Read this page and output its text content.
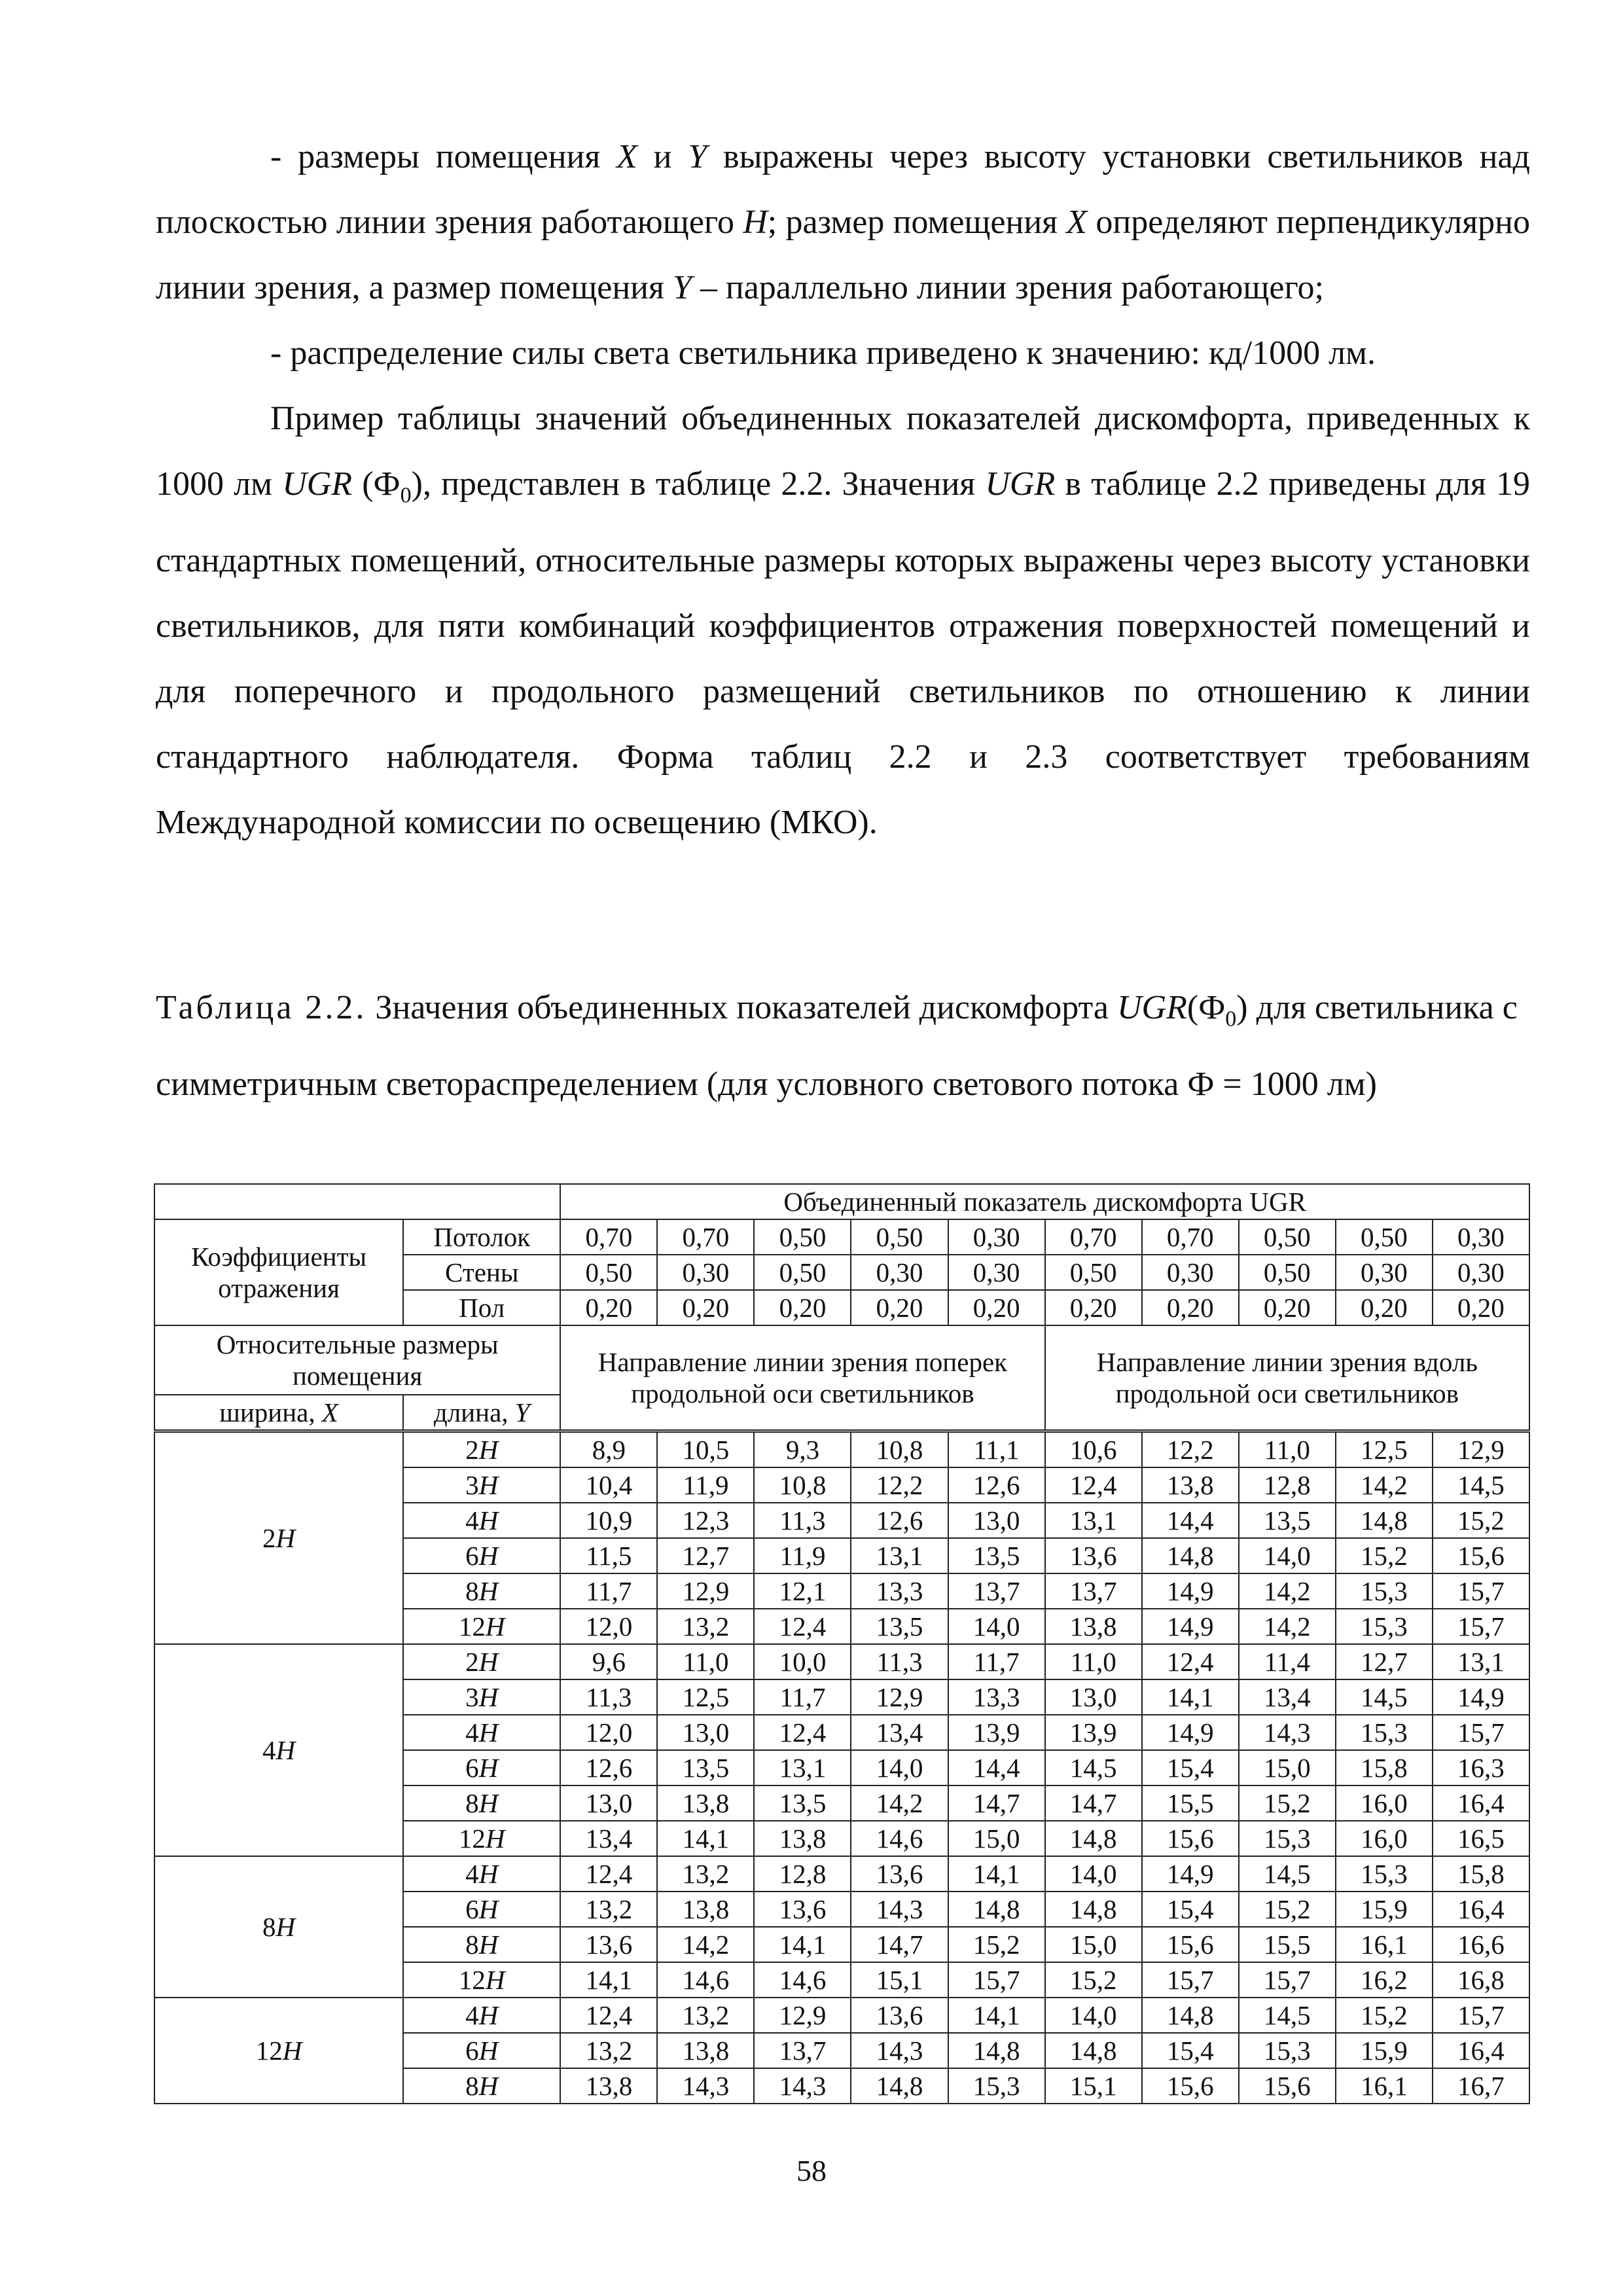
- размеры помещения X и Y выражены через высоту установки светильников над плоскостью линии зрения работающего H; размер помещения X определяют перпендикулярно линии зрения, а размер помещения Y – параллельно линии зрения работающего;

- распределение силы света светильника приведено к значению: кд/1000 лм.

Пример таблицы значений объединенных показателей дискомфорта, приведенных к 1000 лм UGR $(Ф_0)$, представлен в таблице 2.2. Значения UGR в таблице 2.2 приведены для 19 стандартных помещений, относительные размеры которых выражены через высоту установки светильников, для пяти комбинаций коэффициентов отражения поверхностей помещений и для поперечного и продольного размещений светильников по отношению к линии стандартного наблюдателя. Форма таблиц 2.2 и 2.3 соответствует требованиям Международной комиссии по освещению (МКО).

Таблица 2.2. Значения объединенных показателей дискомфорта $UGR(Ф_0)$ для светильника с симметричным светораспределением (для условного светового потока Ф = 1000 лм)
		Объединенный показатель дискомфорта UGR									
Коэффициенты отражения	Потолок	0,70	0,70	0,50	0,50	0,30	0,70	0,70	0,50	0,50	0,30
	Стены	0,50	0,30	0,50	0,30	0,30	0,50	0,30	0,50	0,30	0,30
	Пол	0,20	0,20	0,20	0,20	0,20	0,20	0,20	0,20	0,20	0,20
Относительные размеры помещения		Направление линии зрения поперек продольной оси светильников					Направление линии зрения вдоль продольной оси светильников				
ширина, X	длина, Y										
2H	2H	8,9	10,5	9,3	10,8	11,1	10,6	12,2	11,0	12,5	12,9
	3H	10,4	11,9	10,8	12,2	12,6	12,4	13,8	12,8	14,2	14,5
	4H	10,9	12,3	11,3	12,6	13,0	13,1	14,4	13,5	14,8	15,2
	6H	11,5	12,7	11,9	13,1	13,5	13,6	14,8	14,0	15,2	15,6
	8H	11,7	12,9	12,1	13,3	13,7	13,7	14,9	14,2	15,3	15,7
	12H	12,0	13,2	12,4	13,5	14,0	13,8	14,9	14,2	15,3	15,7
4H	2H	9,6	11,0	10,0	11,3	11,7	11,0	12,4	11,4	12,7	13,1
	3H	11,3	12,5	11,7	12,9	13,3	13,0	14,1	13,4	14,5	14,9
	4H	12,0	13,0	12,4	13,4	13,9	13,9	14,9	14,3	15,3	15,7
	6H	12,6	13,5	13,1	14,0	14,4	14,5	15,4	15,0	15,8	16,3
	8H	13,0	13,8	13,5	14,2	14,7	14,7	15,5	15,2	16,0	16,4
	12H	13,4	14,1	13,8	14,6	15,0	14,8	15,6	15,3	16,0	16,5
8H	4H	12,4	13,2	12,8	13,6	14,1	14,0	14,9	14,5	15,3	15,8
	6H	13,2	13,8	13,6	14,3	14,8	14,8	15,4	15,2	15,9	16,4
	8H	13,6	14,2	14,1	14,7	15,2	15,0	15,6	15,5	16,1	16,6
	12H	14,1	14,6	14,6	15,1	15,7	15,2	15,7	15,7	16,2	16,8
12H	4H	12,4	13,2	12,9	13,6	14,1	14,0	14,8	14,5	15,2	15,7
	6H	13,2	13,8	13,7	14,3	14,8	14,8	15,4	15,3	15,9	16,4
	8H	13,8	14,3	14,3	14,8	15,3	15,1	15,6	15,6	16,1	16,7
58
